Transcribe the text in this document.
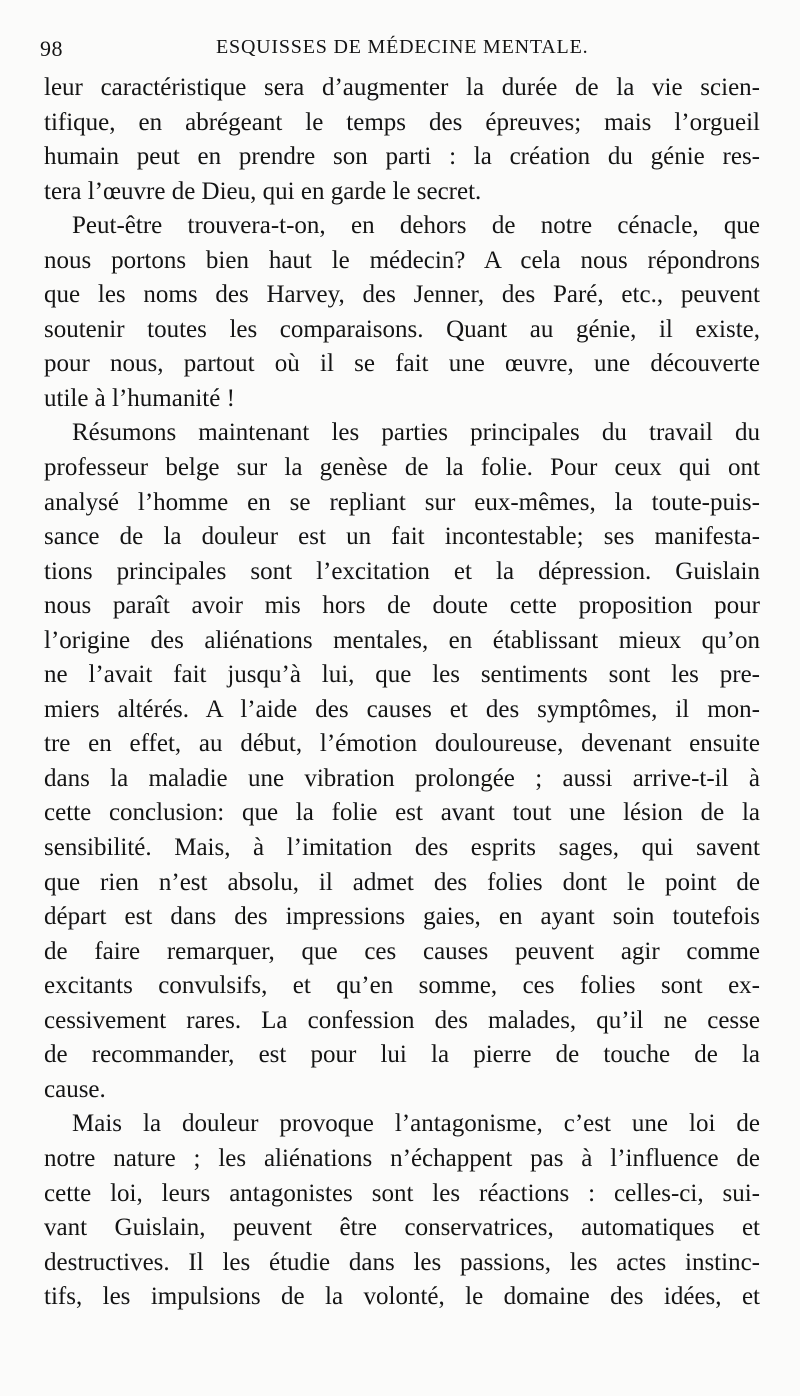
98	ESQUISSES DE MÉDECINE MENTALE.
leur caractéristique sera d’augmenter la durée de la vie scien-
tifique, en abrégeant le temps des épreuves; mais l’orgueil
humain peut en prendre son parti : la création du génie res-
tera l’œuvre de Dieu, qui en garde le secret.
Peut-être trouvera-t-on, en dehors de notre cénacle, que
nous portons bien haut le médecin? A cela nous répondrons
que les noms des Harvey, des Jenner, des Paré, etc., peuvent
soutenir toutes les comparaisons. Quant au génie, il existe,
pour nous, partout où il se fait une œuvre, une découverte
utile à l’humanité !
Résumons maintenant les parties principales du travail du
professeur belge sur la genèse de la folie. Pour ceux qui ont
analysé l’homme en se repliant sur eux-mêmes, la toute-puis-
sance de la douleur est un fait incontestable; ses manifesta-
tions principales sont l’excitation et la dépression. Guislain
nous paraît avoir mis hors de doute cette proposition pour
l’origine des aliénations mentales, en établissant mieux qu’on
ne l’avait fait jusqu’à lui, que les sentiments sont les pre-
miers altérés. A l’aide des causes et des symptômes, il mon-
tre en effet, au début, l’émotion douloureuse, devenant ensuite
dans la maladie une vibration prolongée ; aussi arrive-t-il à
cette conclusion: que la folie est avant tout une lésion de la
sensibilité. Mais, à l’imitation des esprits sages, qui savent
que rien n’est absolu, il admet des folies dont le point de
départ est dans des impressions gaies, en ayant soin toutefois
de faire remarquer, que ces causes peuvent agir comme
excitants convulsifs, et qu’en somme, ces folies sont ex-
cessivement rares. La confession des malades, qu’il ne cesse
de recommander, est pour lui la pierre de touche de la
cause.
Mais la douleur provoque l’antagonisme, c’est une loi de
notre nature ; les aliénations n’échappent pas à l’influence de
cette loi, leurs antagonistes sont les réactions : celles-ci, sui-
vant Guislain, peuvent être conservatrices, automatiques et
destructives. Il les étudie dans les passions, les actes instinc-
tifs, les impulsions de la volonté, le domaine des idées, et
